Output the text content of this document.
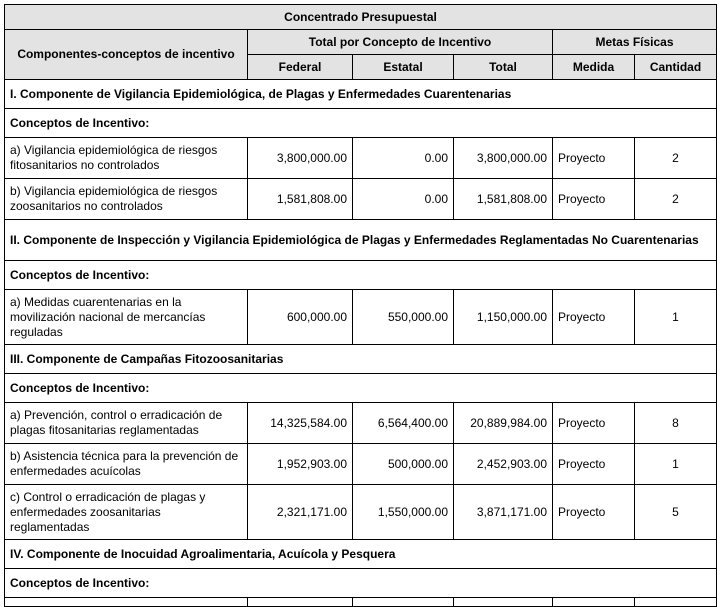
Concentrado Presupuestal					
Componentes-conceptos de incentivo	Total por Concepto de Incentivo			Metas Físicas	
	Federal	Estatal	Total	Medida	Cantidad
I. Componente de Vigilancia Epidemiológica, de Plagas y Enfermedades Cuarentenarias					
Conceptos de Incentivo:					
a) Vigilancia epidemiológica de riesgos fitosanitarios no controlados	3,800,000.00	0.00	3,800,000.00	Proyecto	2
b) Vigilancia epidemiológica de riesgos zoosanitarios no controlados	1,581,808.00	0.00	1,581,808.00	Proyecto	2
II. Componente de Inspección y Vigilancia Epidemiológica de Plagas y Enfermedades Reglamentadas No Cuarentenarias					
Conceptos de Incentivo:					
a) Medidas cuarentenarias en la movilización nacional de mercancías reguladas	600,000.00	550,000.00	1,150,000.00	Proyecto	1
III. Componente de Campañas Fitozoosanitarias					
Conceptos de Incentivo:					
a) Prevención, control o erradicación de plagas fitosanitarias reglamentadas	14,325,584.00	6,564,400.00	20,889,984.00	Proyecto	8
b) Asistencia técnica para la prevención de enfermedades acuícolas	1,952,903.00	500,000.00	2,452,903.00	Proyecto	1
c) Control o erradicación de plagas y enfermedades zoosanitarias reglamentadas	2,321,171.00	1,550,000.00	3,871,171.00	Proyecto	5
IV. Componente de Inocuidad Agroalimentaria, Acuícola y Pesquera					
Conceptos de Incentivo:					
